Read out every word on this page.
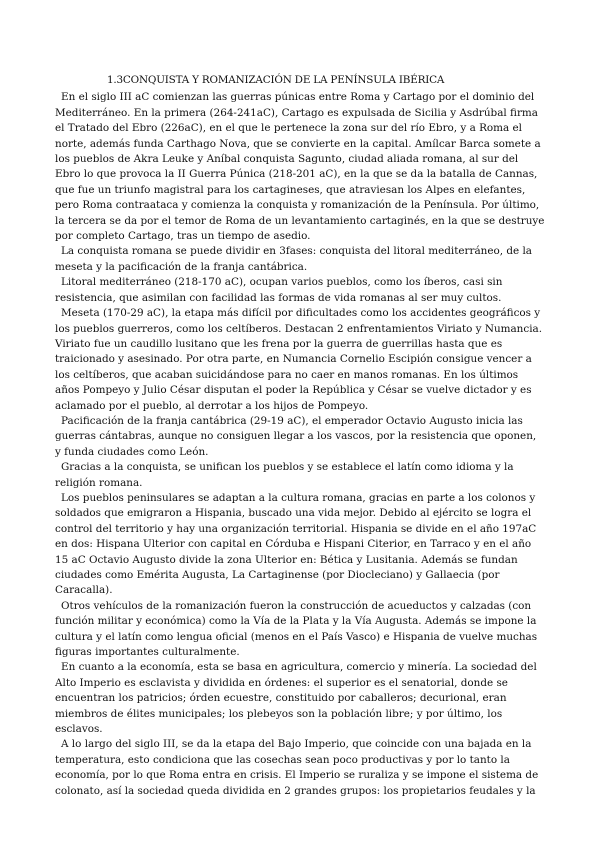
1.3CONQUISTA Y ROMANIZACIÓN DE LA PENÍNSULA IBÉRICA

En el siglo III aC comienzan las guerras púnicas entre Roma y Cartago por el dominio del Mediterráneo. En la primera (264-241aC), Cartago es expulsada de Sicilia y Asdrúbal firma el Tratado del Ebro (226aC), en el que le pertenece la zona sur del río Ebro, y a Roma el norte, además funda Carthago Nova, que se convierte en la capital. Amílcar Barca somete a los pueblos de Akra Leuke y Aníbal conquista Sagunto, ciudad aliada romana, al sur del Ebro lo que provoca la II Guerra Púnica (218-201 aC), en la que se da la batalla de Cannas, que fue un triunfo magistral para los cartagineses, que atraviesan los Alpes en elefantes, pero Roma contraataca y comienza la conquista y romanización de la Península. Por último, la tercera se da por el temor de Roma de un levantamiento cartaginés, en la que se destruye por completo Cartago, tras un tiempo de asedio.

La conquista romana se puede dividir en 3fases: conquista del litoral mediterráneo, de la meseta y la pacificación de la franja cantábrica.

Litoral mediterráneo (218-170 aC), ocupan varios pueblos, como los íberos, casi sin resistencia, que asimilan con facilidad las formas de vida romanas al ser muy cultos.

Meseta (170-29 aC), la etapa más difícil por dificultades como los accidentes geográficos y los pueblos guerreros, como los celtíberos. Destacan 2 enfrentamientos Viriato y Numancia. Viriato fue un caudillo lusitano que les frena por la guerra de guerrillas hasta que es traicionado y asesinado. Por otra parte, en Numancia Cornelio Escipión consigue vencer a los celtíberos, que acaban suicidándose para no caer en manos romanas. En los últimos años Pompeyo y Julio César disputan el poder la República y César se vuelve dictador y es aclamado por el pueblo, al derrotar a los hijos de Pompeyo.

Pacificación de la franja cantábrica (29-19 aC), el emperador Octavio Augusto inicia las guerras cántabras, aunque no consiguen llegar a los vascos, por la resistencia que oponen, y funda ciudades como León.

Gracias a la conquista, se unifican los pueblos y se establece el latín como idioma y la religión romana.

Los pueblos peninsulares se adaptan a la cultura romana, gracias en parte a los colonos y soldados que emigraron a Hispania, buscado una vida mejor. Debido al ejército se logra el control del territorio y hay una organización territorial. Hispania se divide en el año 197aC en dos: Hispana Ulterior con capital en Córduba e Hispani Citerior, en Tarraco y en el año 15 aC Octavio Augusto divide la zona Ulterior en: Bética y Lusitania. Además se fundan ciudades como Eméritа Augusta, La Cartaginense (por Diocleciano) y Gallaecia (por Caracalla).

Otros vehículos de la romanización fueron la construcción de acueductos y calzadas (con función militar y económica) como la Vía de la Plata y la Vía Augusta. Además se impone la cultura y el latín como lengua oficial (menos en el País Vasco) e Hispania de vuelve muchas figuras importantes culturalmente.

En cuanto a la economía, esta se basa en agricultura, comercio y minería. La sociedad del Alto Imperio es esclavista y dividida en órdenes: el superior es el senatorial, donde se encuentran los patricios; órden ecuestre, constituido por caballeros; decurional, eran miembros de élites municipales; los plebeyos son la población libre; y por último, los esclavos.

A lo largo del siglo III, se da la etapa del Bajo Imperio, que coincide con una bajada en la temperatura, esto condiciona que las cosechas sean poco productivas y por lo tanto la economía, por lo que Roma entra en crisis. El Imperio se ruraliza y se impone el sistema de colonato, así la sociedad queda dividida en 2 grandes grupos: los propietarios feudales y la
